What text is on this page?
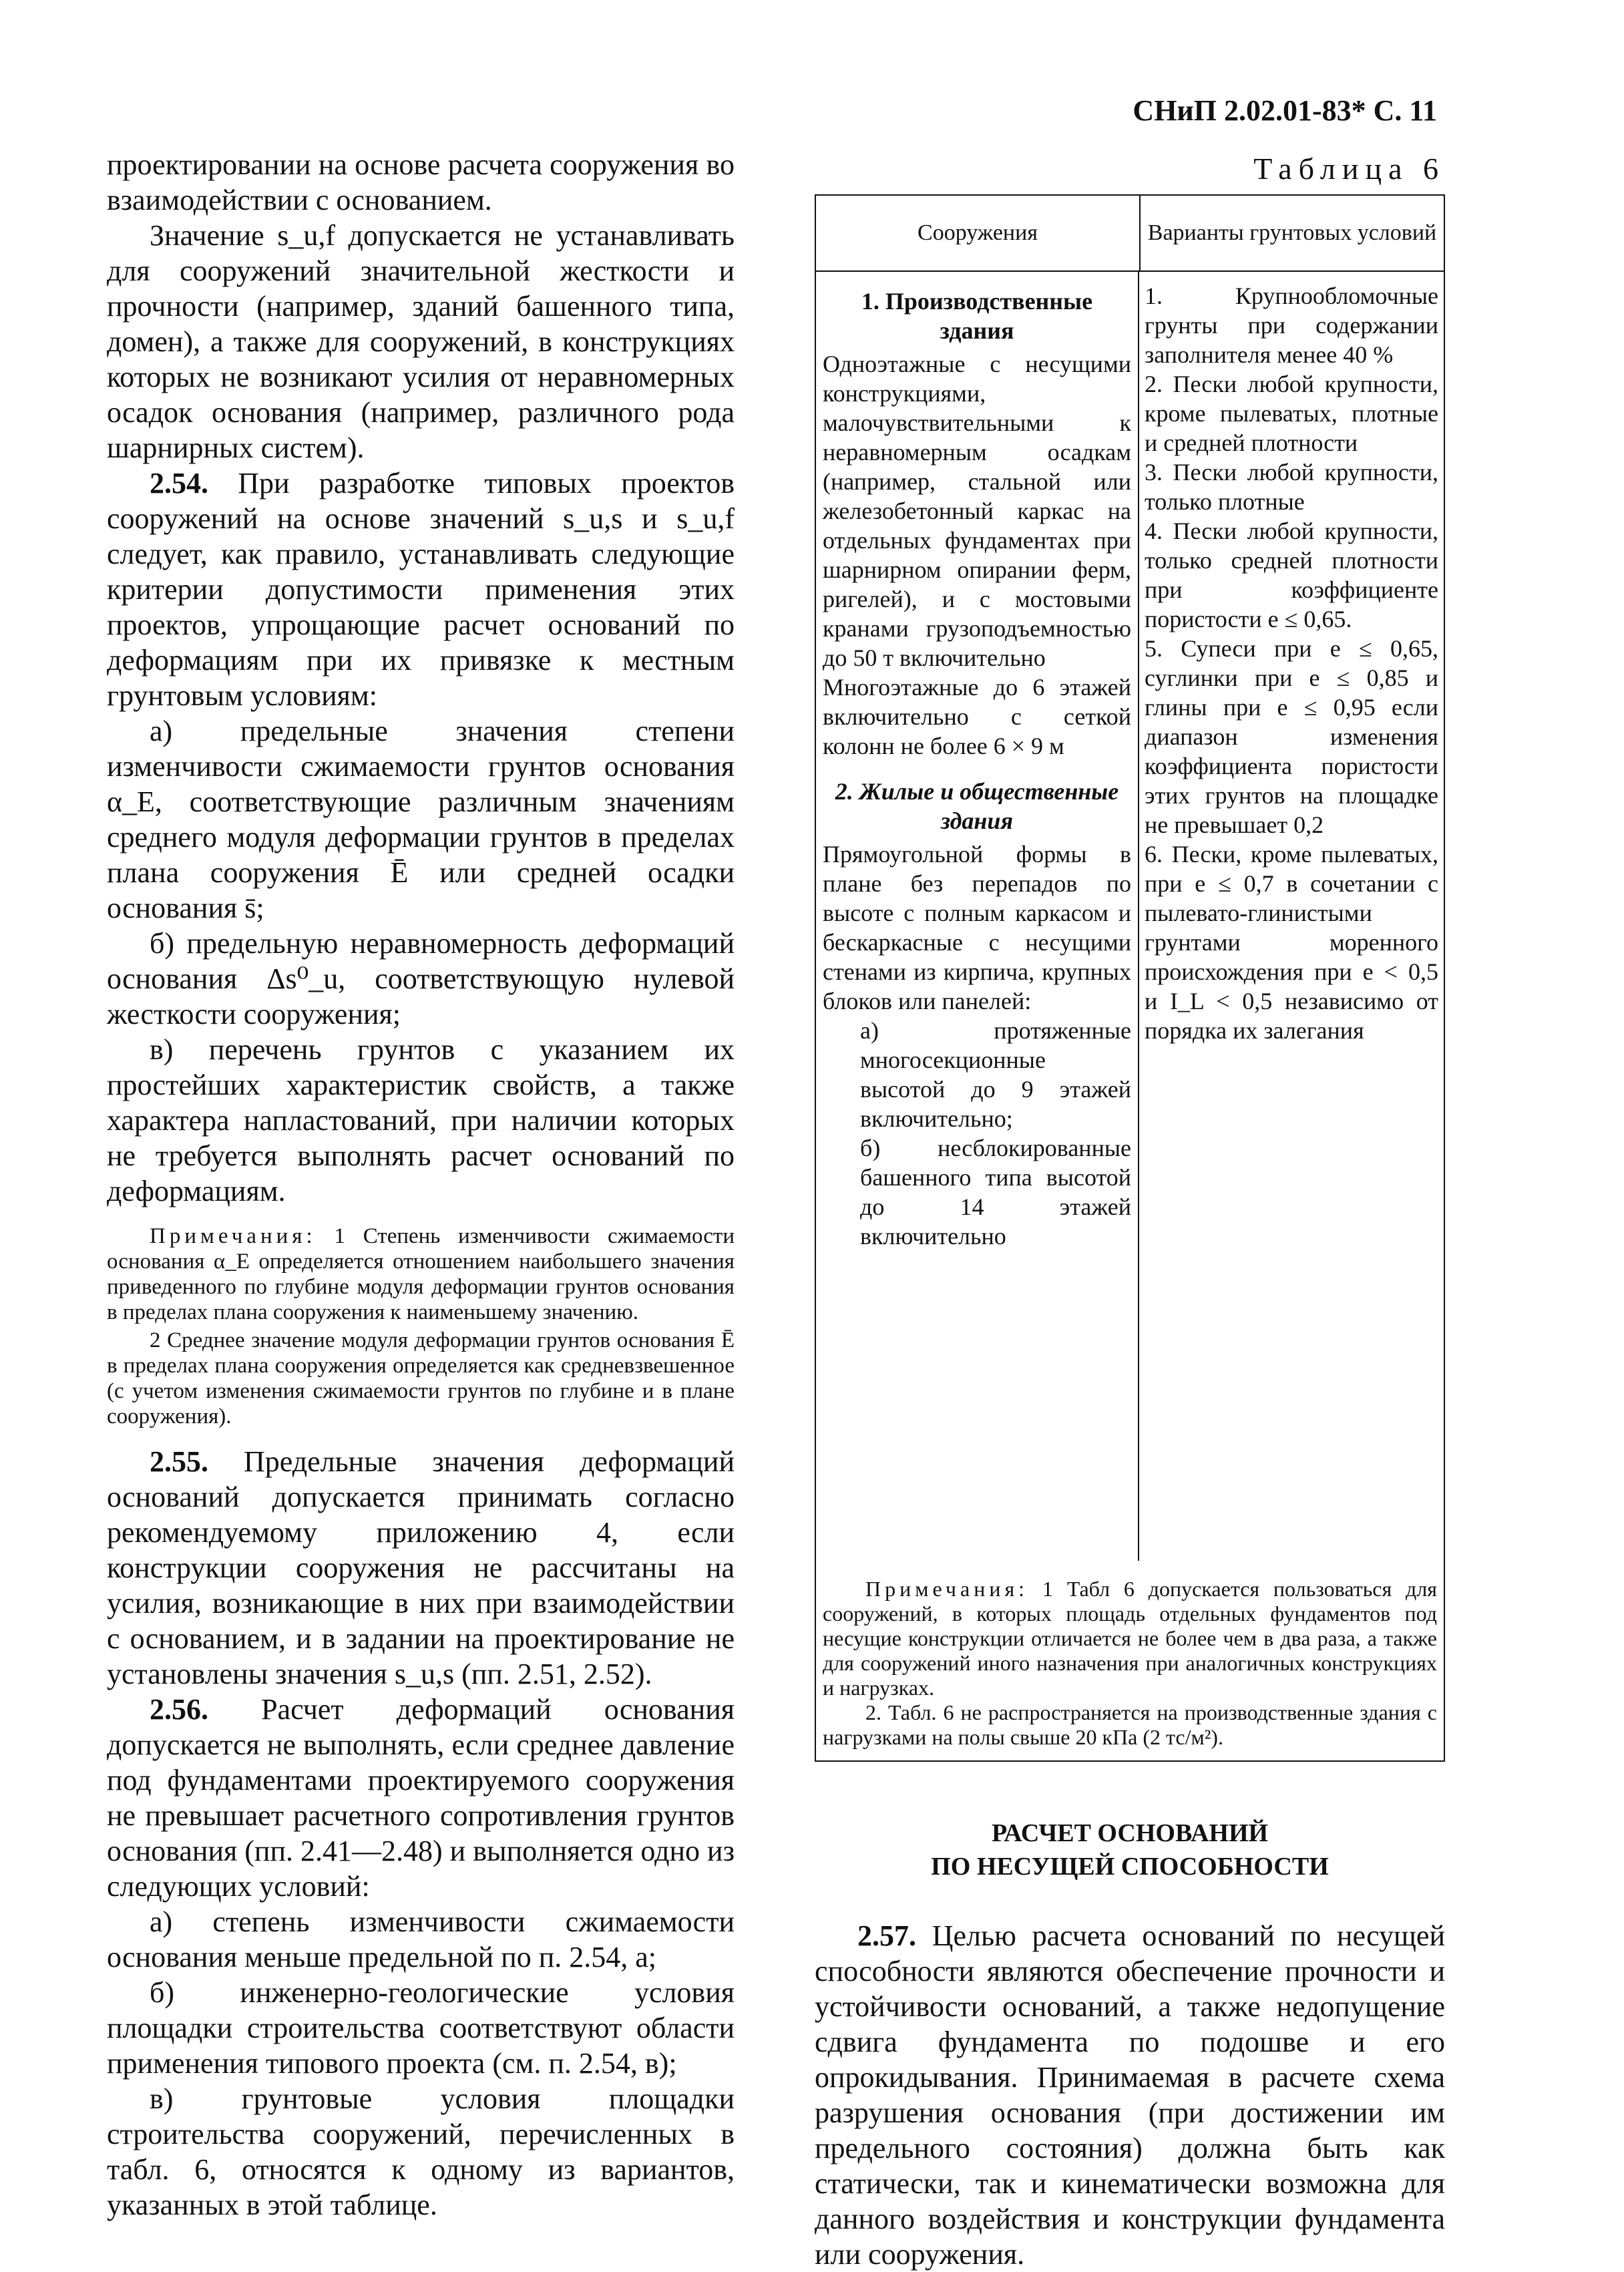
СНиП 2.02.01-83* С. 11

проектировании на основе расчета сооружения во взаимодействии с основанием.

Значение s_u,f допускается не устанавливать для сооружений значительной жесткости и прочности (например, зданий башенного типа, домен), а также для сооружений, в конструкциях которых не возникают усилия от неравномерных осадок основания (например, различного рода шарнирных систем).

2.54. При разработке типовых проектов сооружений на основе значений s_u,s и s_u,f следует, как правило, устанавливать следующие критерии допустимости применения этих проектов, упрощающие расчет оснований по деформациям при их привязке к местным грунтовым условиям:

а) предельные значения степени изменчивости сжимаемости грунтов основания α_E, соответствующие различным значениям среднего модуля деформации грунтов в пределах плана сооружения Ē или средней осадки основания s̄;

б) предельную неравномерность деформаций основания Δs⁰_u, соответствующую нулевой жесткости сооружения;

в) перечень грунтов с указанием их простейших характеристик свойств, а также характера напластований, при наличии которых не требуется выполнять расчет оснований по деформациям.

Примечания: 1 Степень изменчивости сжимаемости основания α_E определяется отношением наибольшего значения приведенного по глубине модуля деформации грунтов основания в пределах плана сооружения к наименьшему значению.

2 Среднее значение модуля деформации грунтов основания Ē в пределах плана сооружения определяется как средневзвешенное (с учетом изменения сжимаемости грунтов по глубине и в плане сооружения).

2.55. Предельные значения деформаций оснований допускается принимать согласно рекомендуемому приложению 4, если конструкции сооружения не рассчитаны на усилия, возникающие в них при взаимодействии с основанием, и в задании на проектирование не установлены значения s_u,s (пп. 2.51, 2.52).

2.56. Расчет деформаций основания допускается не выполнять, если среднее давление под фундаментами проектируемого сооружения не превышает расчетного сопротивления грунтов основания (пп. 2.41—2.48) и выполняется одно из следующих условий:

а) степень изменчивости сжимаемости основания меньше предельной по п. 2.54, а;

б) инженерно-геологические условия площадки строительства соответствуют области применения типового проекта (см. п. 2.54, в);

в) грунтовые условия площадки строительства сооружений, перечисленных в табл. 6, относятся к одному из вариантов, указанных в этой таблице.

Таблица 6
Сооружения	Варианты грунтовых условий
1. Производственные здания

Одноэтажные с несущими конструкциями, малочувствительными к неравномерным осадкам (например, стальной или железобетонный каркас на отдельных фундаментах при шарнирном опирании ферм, ригелей), и с мостовыми кранами грузоподъемностью до 50 т включительно

Многоэтажные до 6 этажей включительно с сеткой колонн не более 6 × 9 м

2. Жилые и общественные здания

Прямоугольной формы в плане без перепадов по высоте с полным каркасом и бескаркасные с несущими стенами из кирпича, крупных блоков или панелей:

а) протяженные многосекционные высотой до 9 этажей включительно;

б) несблокированные башенного типа высотой до 14 этажей включительно

1. Крупнообломочные грунты при содержании заполнителя менее 40 %

2. Пески любой крупности, кроме пылеватых, плотные и средней плотности

3. Пески любой крупности, только плотные

4. Пески любой крупности, только средней плотности при коэффициенте пористости e ≤ 0,65.

5. Супеси при e ≤ 0,65, суглинки при e ≤ 0,85 и глины при e ≤ 0,95 если диапазон изменения коэффициента пористости этих грунтов на площадке не превышает 0,2

6. Пески, кроме пылеватых, при e ≤ 0,7 в сочетании с пылевато-глинистыми грунтами моренного происхождения при e < 0,5 и I_L < 0,5 независимо от порядка их залегания

Примечания: 1 Табл 6 допускается пользоваться для сооружений, в которых площадь отдельных фундаментов под несущие конструкции отличается не более чем в два раза, а также для сооружений иного назначения при аналогичных конструкциях и нагрузках.

2. Табл. 6 не распространяется на производственные здания с нагрузками на полы свыше 20 кПа (2 тс/м²).

РАСЧЕТ ОСНОВАНИЙ
ПО НЕСУЩЕЙ СПОСОБНОСТИ

2.57. Целью расчета оснований по несущей способности являются обеспечение прочности и устойчивости оснований, а также недопущение сдвига фундамента по подошве и его опрокидывания. Принимаемая в расчете схема разрушения основания (при достижении им предельного состояния) должна быть как статически, так и кинематически возможна для данного воздействия и конструкции фундамента или сооружения.
